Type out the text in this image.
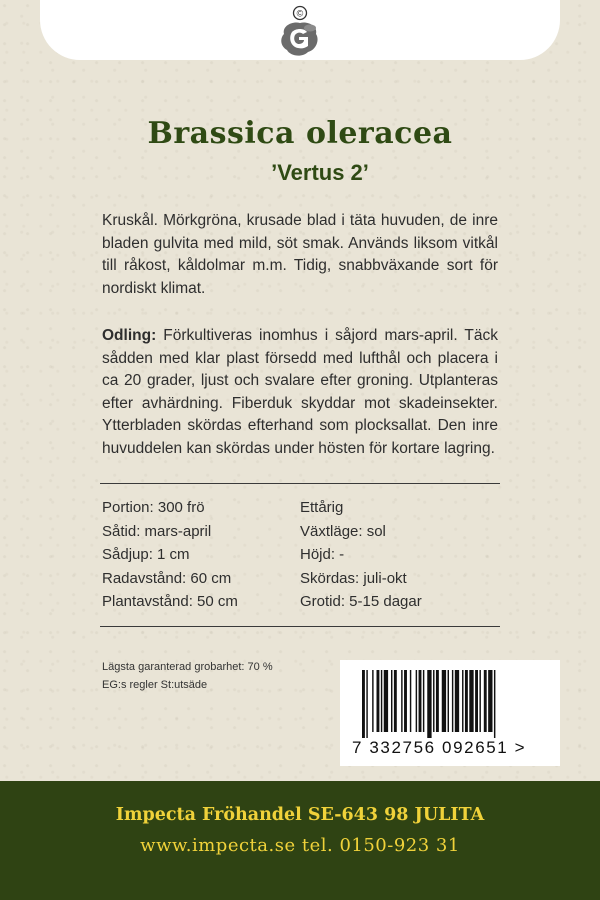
©
Brassica oleracea
’Vertus 2’
Kruskål. Mörkgröna, krusade blad i täta huvuden, de inre bladen gulvita med mild, söt smak. Används liksom vitkål till råkost, kåldolmar m.m. Tidig, snabbväxande sort för nordiskt klimat.
Odling: Förkultiveras inomhus i såjord mars-april. Täck sådden med klar plast försedd med lufthål och placera i ca 20 grader, ljust och svalare efter groning. Utplanteras efter avhärdning. Fiberduk skyddar mot skadeinsekter. Ytterbladen skördas efterhand som plocksallat. Den inre huvuddelen kan skördas under hösten för kortare lagring.
Portion: 300 frö
Såtid: mars-april
Sådjup: 1 cm
Radavstånd: 60 cm
Plantavstånd: 50 cm
Ettårig
Växtläge: sol
Höjd: -
Skördas: juli-okt
Grotid: 5-15 dagar
Lägsta garanterad grobarhet: 70 %
EG:s regler St:utsäde
7 332756 092651 >
Impecta Fröhandel SE-643 98 JULITA
www.impecta.se tel. 0150-923 31
